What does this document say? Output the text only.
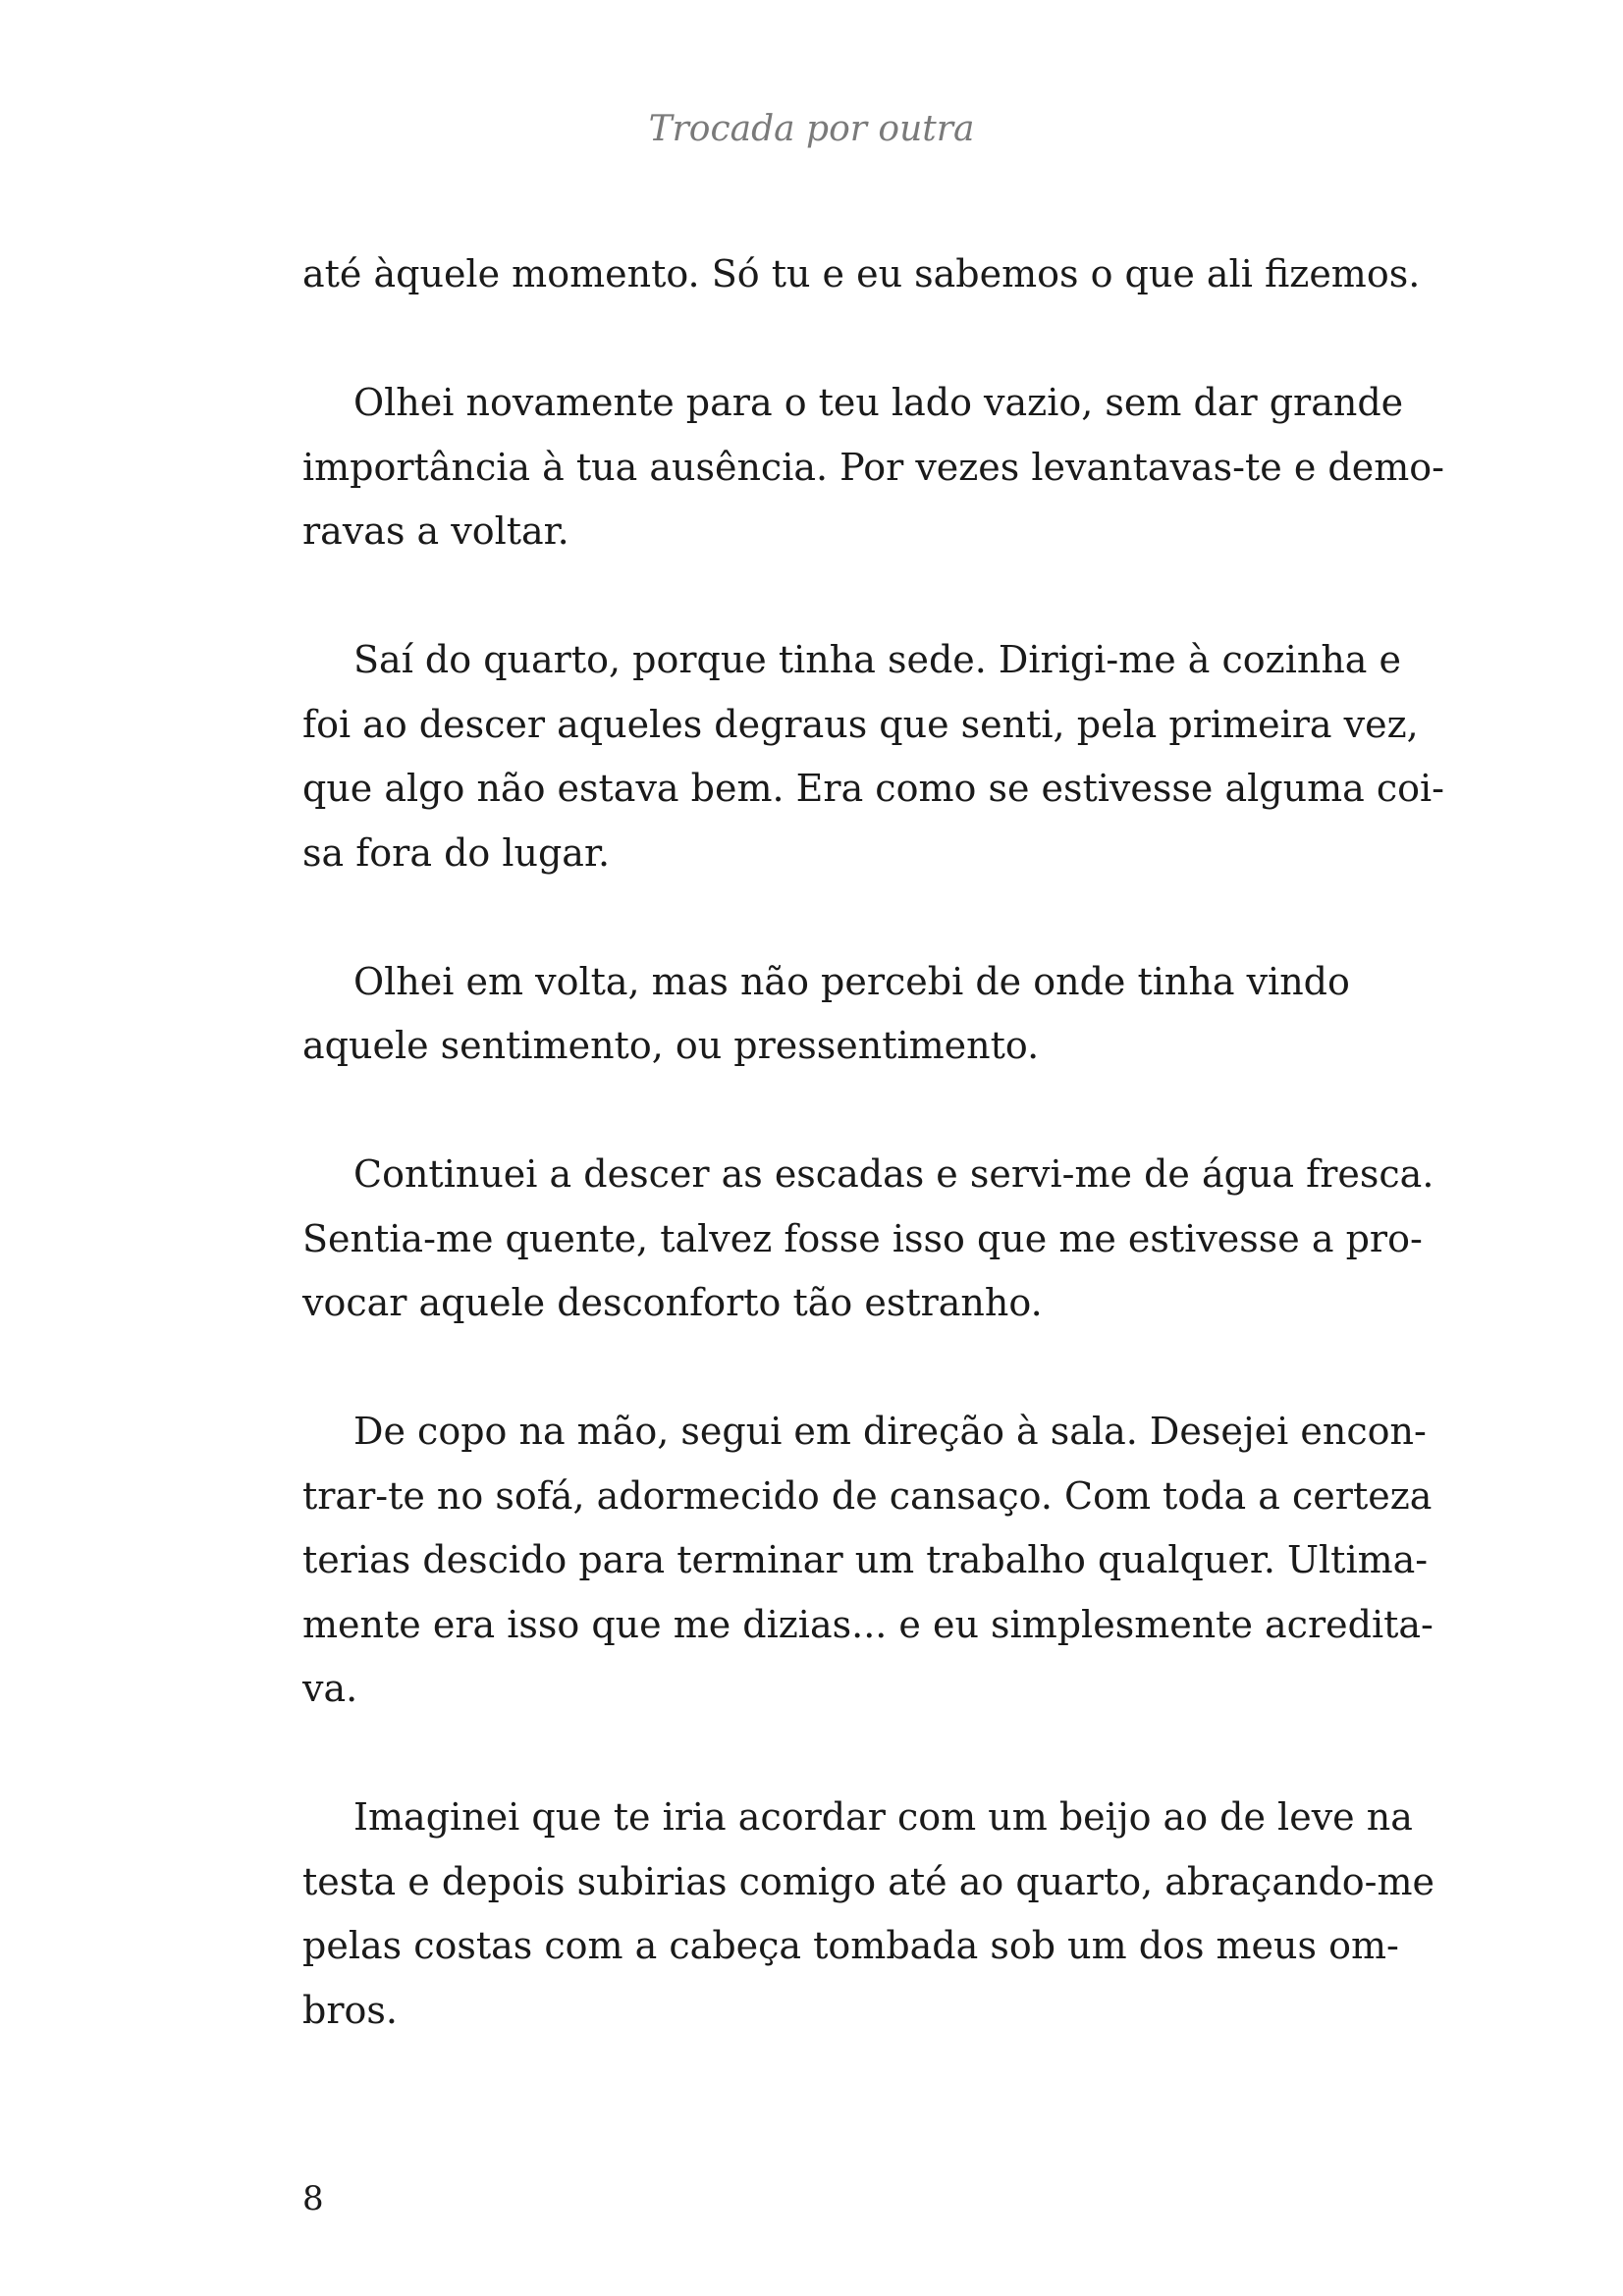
Trocada por outra
até àquele momento. Só tu e eu sabemos o que ali fizemos.
Olhei novamente para o teu lado vazio, sem dar grande
importância à tua ausência. Por vezes levantavas-te e demo-
ravas a voltar.
Saí do quarto, porque tinha sede. Dirigi-me à cozinha e
foi ao descer aqueles degraus que senti, pela primeira vez,
que algo não estava bem. Era como se estivesse alguma coi-
sa fora do lugar.
Olhei em volta, mas não percebi de onde tinha vindo
aquele sentimento, ou pressentimento.
Continuei a descer as escadas e servi-me de água fresca.
Sentia-me quente, talvez fosse isso que me estivesse a pro-
vocar aquele desconforto tão estranho.
De copo na mão, segui em direção à sala. Desejei encon-
trar-te no sofá, adormecido de cansaço. Com toda a certeza
terias descido para terminar um trabalho qualquer. Ultima-
mente era isso que me dizias... e eu simplesmente acredita-
va.
Imaginei que te iria acordar com um beijo ao de leve na
testa e depois subirias comigo até ao quarto, abraçando-me
pelas costas com a cabeça tombada sob um dos meus om-
bros.
8
